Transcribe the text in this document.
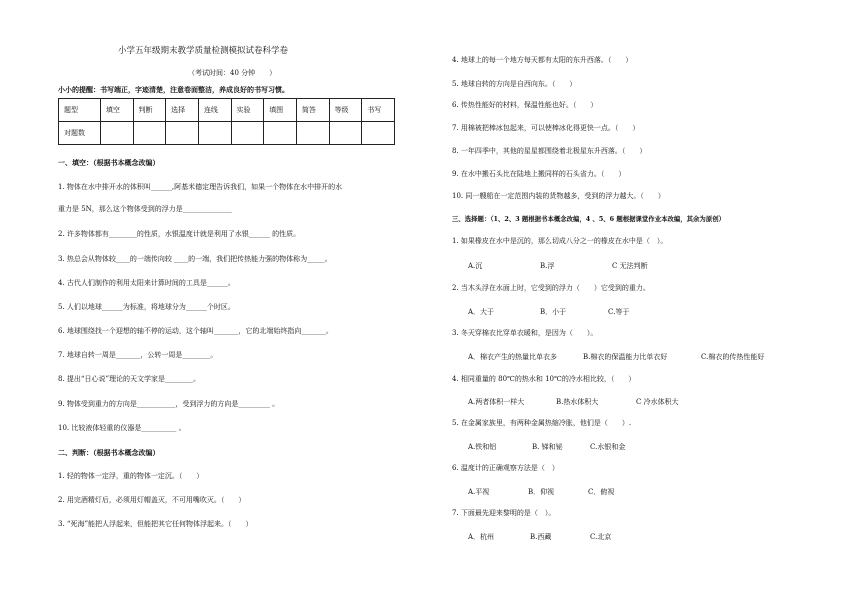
小学五年级期末教学质量检测模拟试卷科学卷
（考试时间：40 分钟　　）
小小的提醒：书写端正，字迹清楚，注意卷面整洁，养成良好的书写习惯。
题型	填空	判断	选择	连线	实验	填图	简答	等级	书写
对题数									
一、填空：（根据书本概念改编）
1. 物体在水中排开水的体积叫______,阿基米德定理告诉我们，如果一个物体在水中排开的水
重力是 5N，那么这个物体受到的浮力是______________
2. 许多物体都有________的性质，水银温度计就是利用了水银______ 的性质。
3. 热总会从物体较____的一端传向较 ____的一端，我们把传热能力强的物体称为_____。
4. 古代人们制作的利用太阳来计算时间的工具是______。
5. 人们以地球______为标准，将地球分为______个时区。
6. 地球围绕找一个迎想的轴不停的运动，这个轴叫_______，它的北端始终指向_______。
7. 地球自转一周是_______，公转一周是________。
8. 提出“日心说”理论的天文学家是________。
9. 物体受到重力的方向是___________，受到浮力的方向是_________ 。
10. 比较液体轻重的仪器是__________ 。
二、判断：（根据书本概念改编）
1. 轻的物体一定浮，重的物体一定沉。（　　）
2. 用完酒精灯后，必须用灯帽盖灭，不可用嘴吹灭。（　　）
3. “死海”能把人浮起来，但能把其它任何物体浮起来。（　　）
4. 地球上的每一个地方每天都有太阳的东升西落。（　　）
5. 地球自转的方向是自西向东。（　　）
6. 传热性能好的材料，保温性能也好。（　　）
7. 用棉被把棒冰包起来，可以使棒冰化得更快一点。（　　）
8. 一年四季中，其他的星星都围绕着北极星东升西落。（　　）
9. 在水中搬石头比在陆地上搬同样的石头省力。（　　）
10. 同一艘船在一定范围内装的货物越多，受到的浮力越大。（　　）
三、选择题：（1、2、3 题根据书本概念改编，4 、5、6 题根据课堂作业本改编，其余为原创）
1. 如果橡皮在水中是沉的，那么切成八分之一的橡皮在水中是（　）。
A.沉	B.浮	C 无法判断
2. 当木头浮在水面上时，它受到的浮力（　　）它受到的重力。
A．大于	B．小于	C.等于
3. 冬天穿棉衣比穿单衣暖和，是因为（　　）。
A．棉衣产生的热量比单衣多	B.棉衣的保温能力比单衣好	C.棉衣的传热性能好
4. 相同重量的 80℃的热水和 10℃的冷水相比较，（　　）
A.两者体积一样大	B.热水体积大	C 冷水体积大
5. 在金属家族里，有两种金属热缩冷胀，他们是（　　）.
A.铁和铝	B. 锑和铋	C.水银和金
6. 温度计的正确观察方法是（　）
A.平视	B．仰视	C．俯视
7. 下面最先迎来黎明的是（　）。
A．杭州	B.西藏	C.北京
